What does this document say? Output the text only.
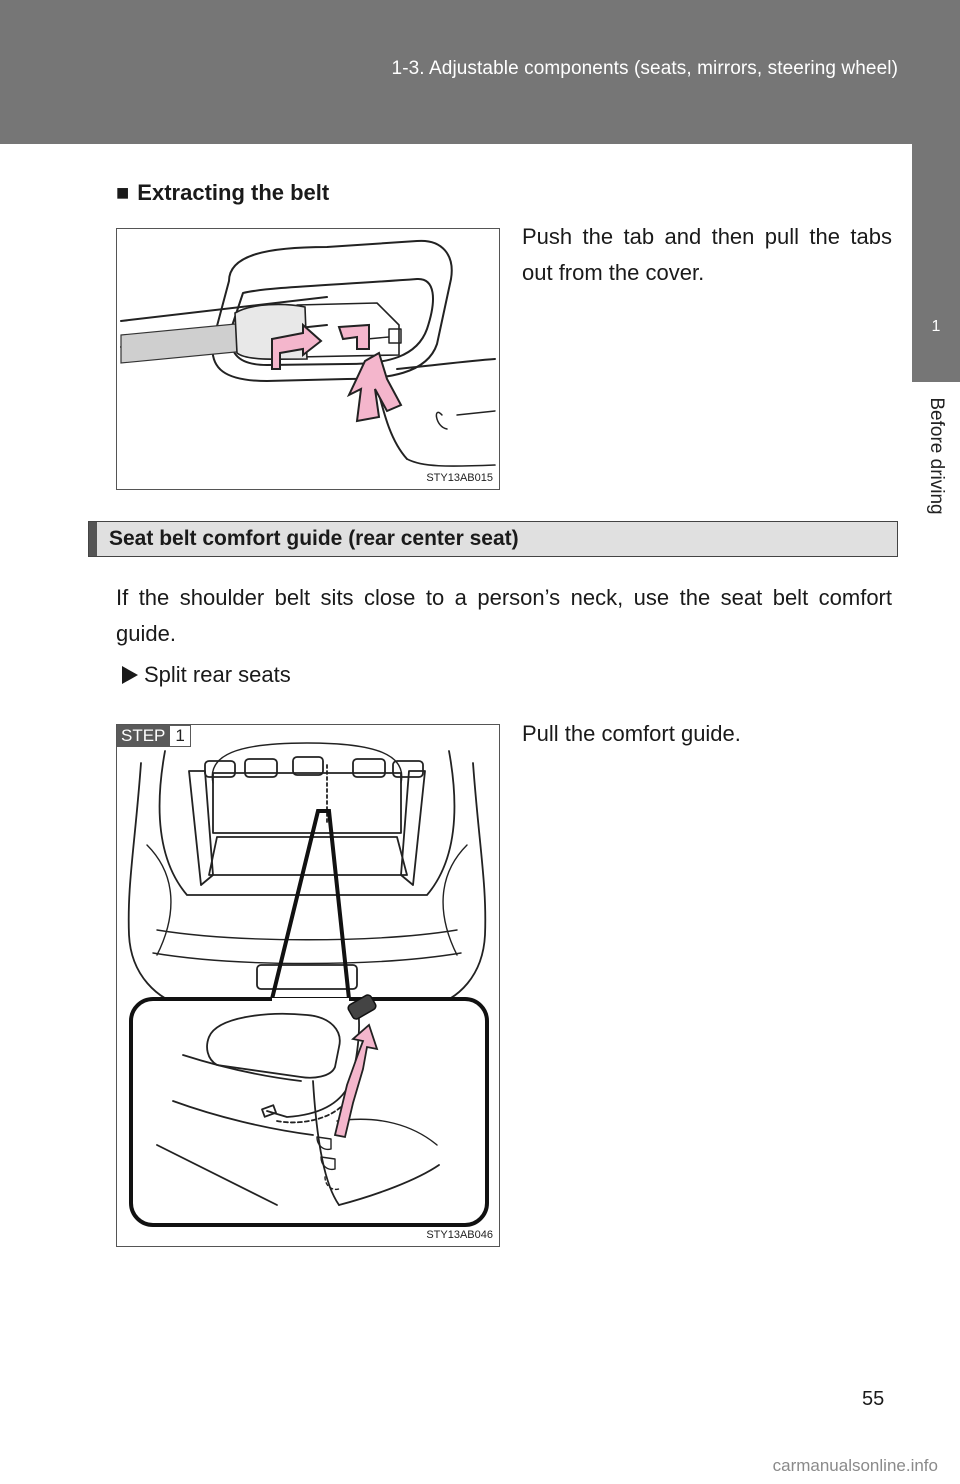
1-3. Adjustable components (seats, mirrors, steering wheel)
1
Before driving
■ Extracting the belt
STY13AB015
Push the tab and then pull the tabs out from the cover.
Seat belt comfort guide (rear center seat)
If the shoulder belt sits close to a person’s neck, use the seat belt comfort guide.
Split rear seats
STEP 1
STY13AB046
Pull the comfort guide.
55
carmanualsonline.info
